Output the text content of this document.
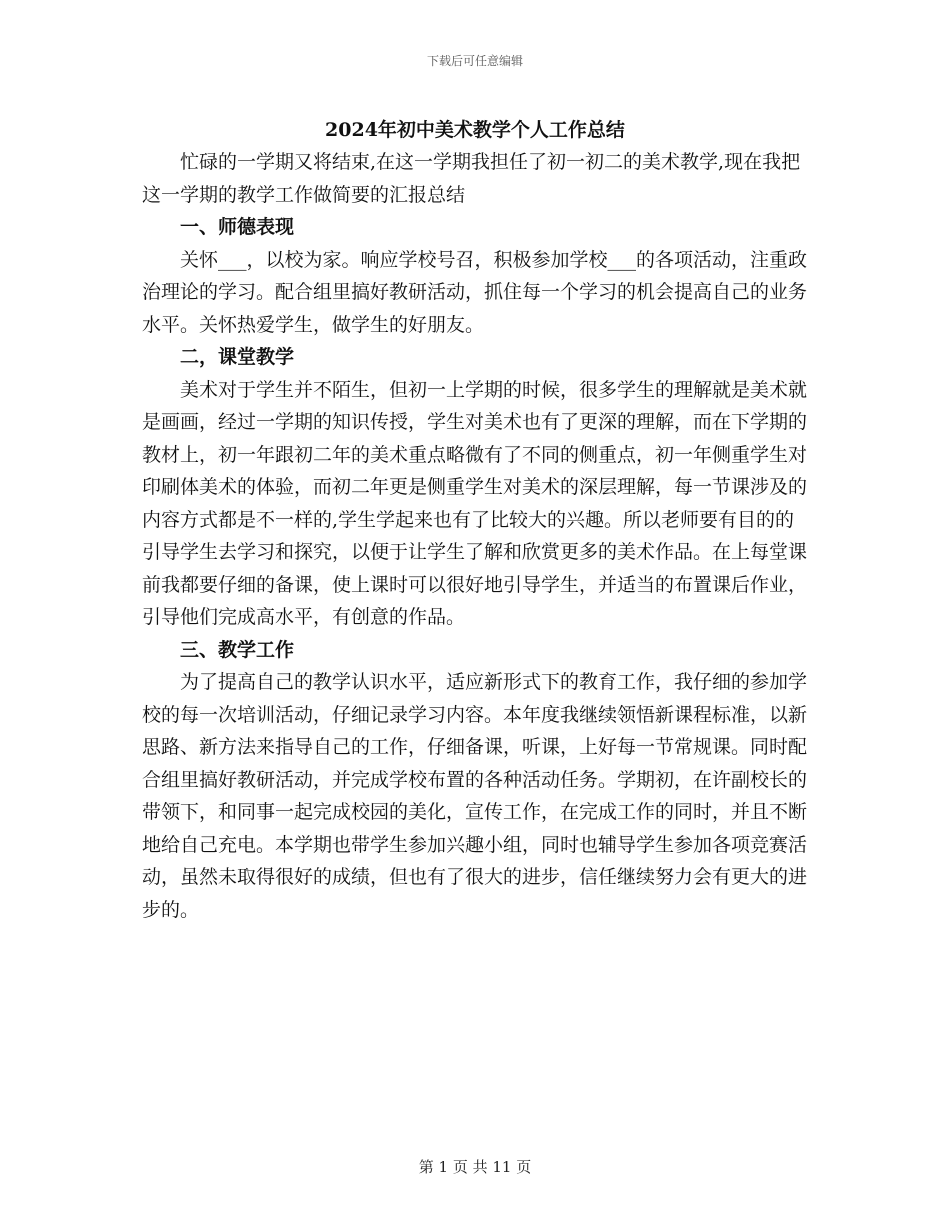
下载后可任意编辑
2024年初中美术教学个人工作总结

忙碌的一学期又将结束,在这一学期我担任了初一初二的美术教学,现在我把这一学期的教学工作做简要的汇报总结

一、师德表现

关怀___，以校为家。响应学校号召，积极参加学校___的各项活动，注重政治理论的学习。配合组里搞好教研活动，抓住每一个学习的机会提高自己的业务水平。关怀热爱学生，做学生的好朋友。

二，课堂教学

美术对于学生并不陌生，但初一上学期的时候，很多学生的理解就是美术就是画画，经过一学期的知识传授，学生对美术也有了更深的理解，而在下学期的教材上，初一年跟初二年的美术重点略微有了不同的侧重点，初一年侧重学生对印刷体美术的体验，而初二年更是侧重学生对美术的深层理解，每一节课涉及的内容方式都是不一样的,学生学起来也有了比较大的兴趣。所以老师要有目的的引导学生去学习和探究，以便于让学生了解和欣赏更多的美术作品。在上每堂课前我都要仔细的备课，使上课时可以很好地引导学生，并适当的布置课后作业，引导他们完成高水平，有创意的作品。

三、教学工作

为了提高自己的教学认识水平，适应新形式下的教育工作，我仔细的参加学校的每一次培训活动，仔细记录学习内容。本年度我继续领悟新课程标准，以新思路、新方法来指导自己的工作，仔细备课，听课，上好每一节常规课。同时配合组里搞好教研活动，并完成学校布置的各种活动任务。学期初，在许副校长的带领下，和同事一起完成校园的美化，宣传工作，在完成工作的同时，并且不断地给自己充电。本学期也带学生参加兴趣小组，同时也辅导学生参加各项竞赛活动，虽然未取得很好的成绩，但也有了很大的进步，信任继续努力会有更大的进步的。

第 1 页 共 11 页
